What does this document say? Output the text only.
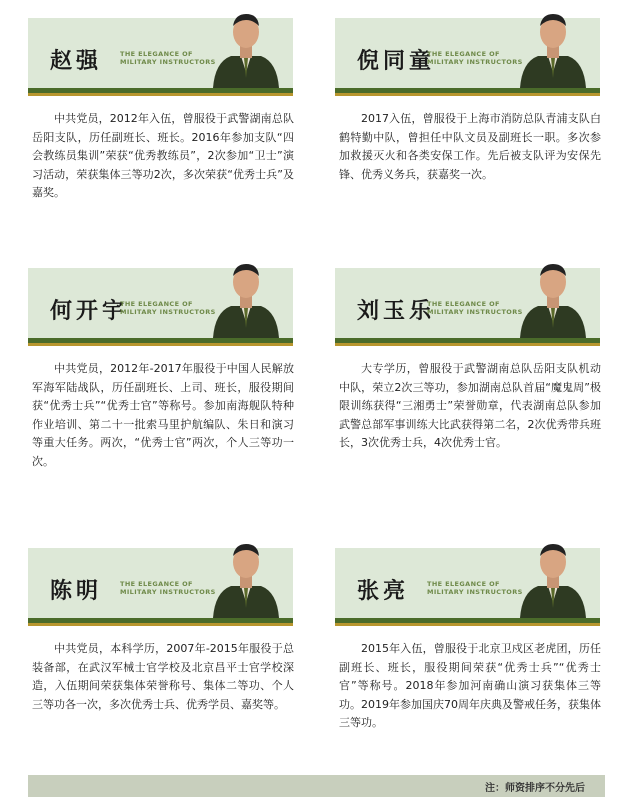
赵强	THE ELEGANCE OF
MILITARY INSTRUCTORS
中共党员，2012年入伍，曾服役于武警湖南总队岳阳支队，历任副班长、班长。2016年参加支队“四会教练员集训”荣获“优秀教练员”，2次参加“卫士”演习活动，荣获集体三等功2次，多次荣获“优秀士兵”及嘉奖。
倪同童
THE ELEGANCE OF
MILITARY INSTRUCTORS
2017入伍，曾服役于上海市消防总队青浦支队白鹤特勤中队，曾担任中队文员及副班长一职。多次参加救援灭火和各类安保工作。先后被支队评为安保先锋、优秀义务兵，获嘉奖一次。
何开宇
THE ELEGANCE OF
MILITARY INSTRUCTORS
中共党员，2012年-2017年服役于中国人民解放军海军陆战队，历任副班长、上司、班长，服役期间获“优秀士兵”“优秀士官”等称号。参加南海舰队特种作业培训、第二十一批索马里护航编队、朱日和演习等重大任务。两次，“优秀士官”两次，个人三等功一次。
刘玉乐
THE ELEGANCE OF
MILITARY INSTRUCTORS
大专学历，曾服役于武警湖南总队岳阳支队机动中队，荣立2次三等功，参加湖南总队首届“魔鬼周”极限训练获得“三湘勇士”荣誉勋章，代表湖南总队参加武警总部军事训练大比武获得第二名，2次优秀带兵班长，3次优秀士兵，4次优秀士官。
陈明	THE ELEGANCE OF
MILITARY INSTRUCTORS
中共党员，本科学历，2007年-2015年服役于总装备部，在武汉军械士官学校及北京昌平士官学校深造，入伍期间荣获集体荣誉称号、集体二等功、个人三等功各一次，多次优秀士兵、优秀学员、嘉奖等。
张亮	THE ELEGANCE OF
MILITARY INSTRUCTORS
2015年入伍，曾服役于北京卫戍区老虎团，历任副班长、班长，服役期间荣获“优秀士兵”“优秀士官”等称号。2018年参加河南确山演习获集体三等功。2019年参加国庆70周年庆典及警戒任务，获集体三等功。
注：师资排序不分先后
